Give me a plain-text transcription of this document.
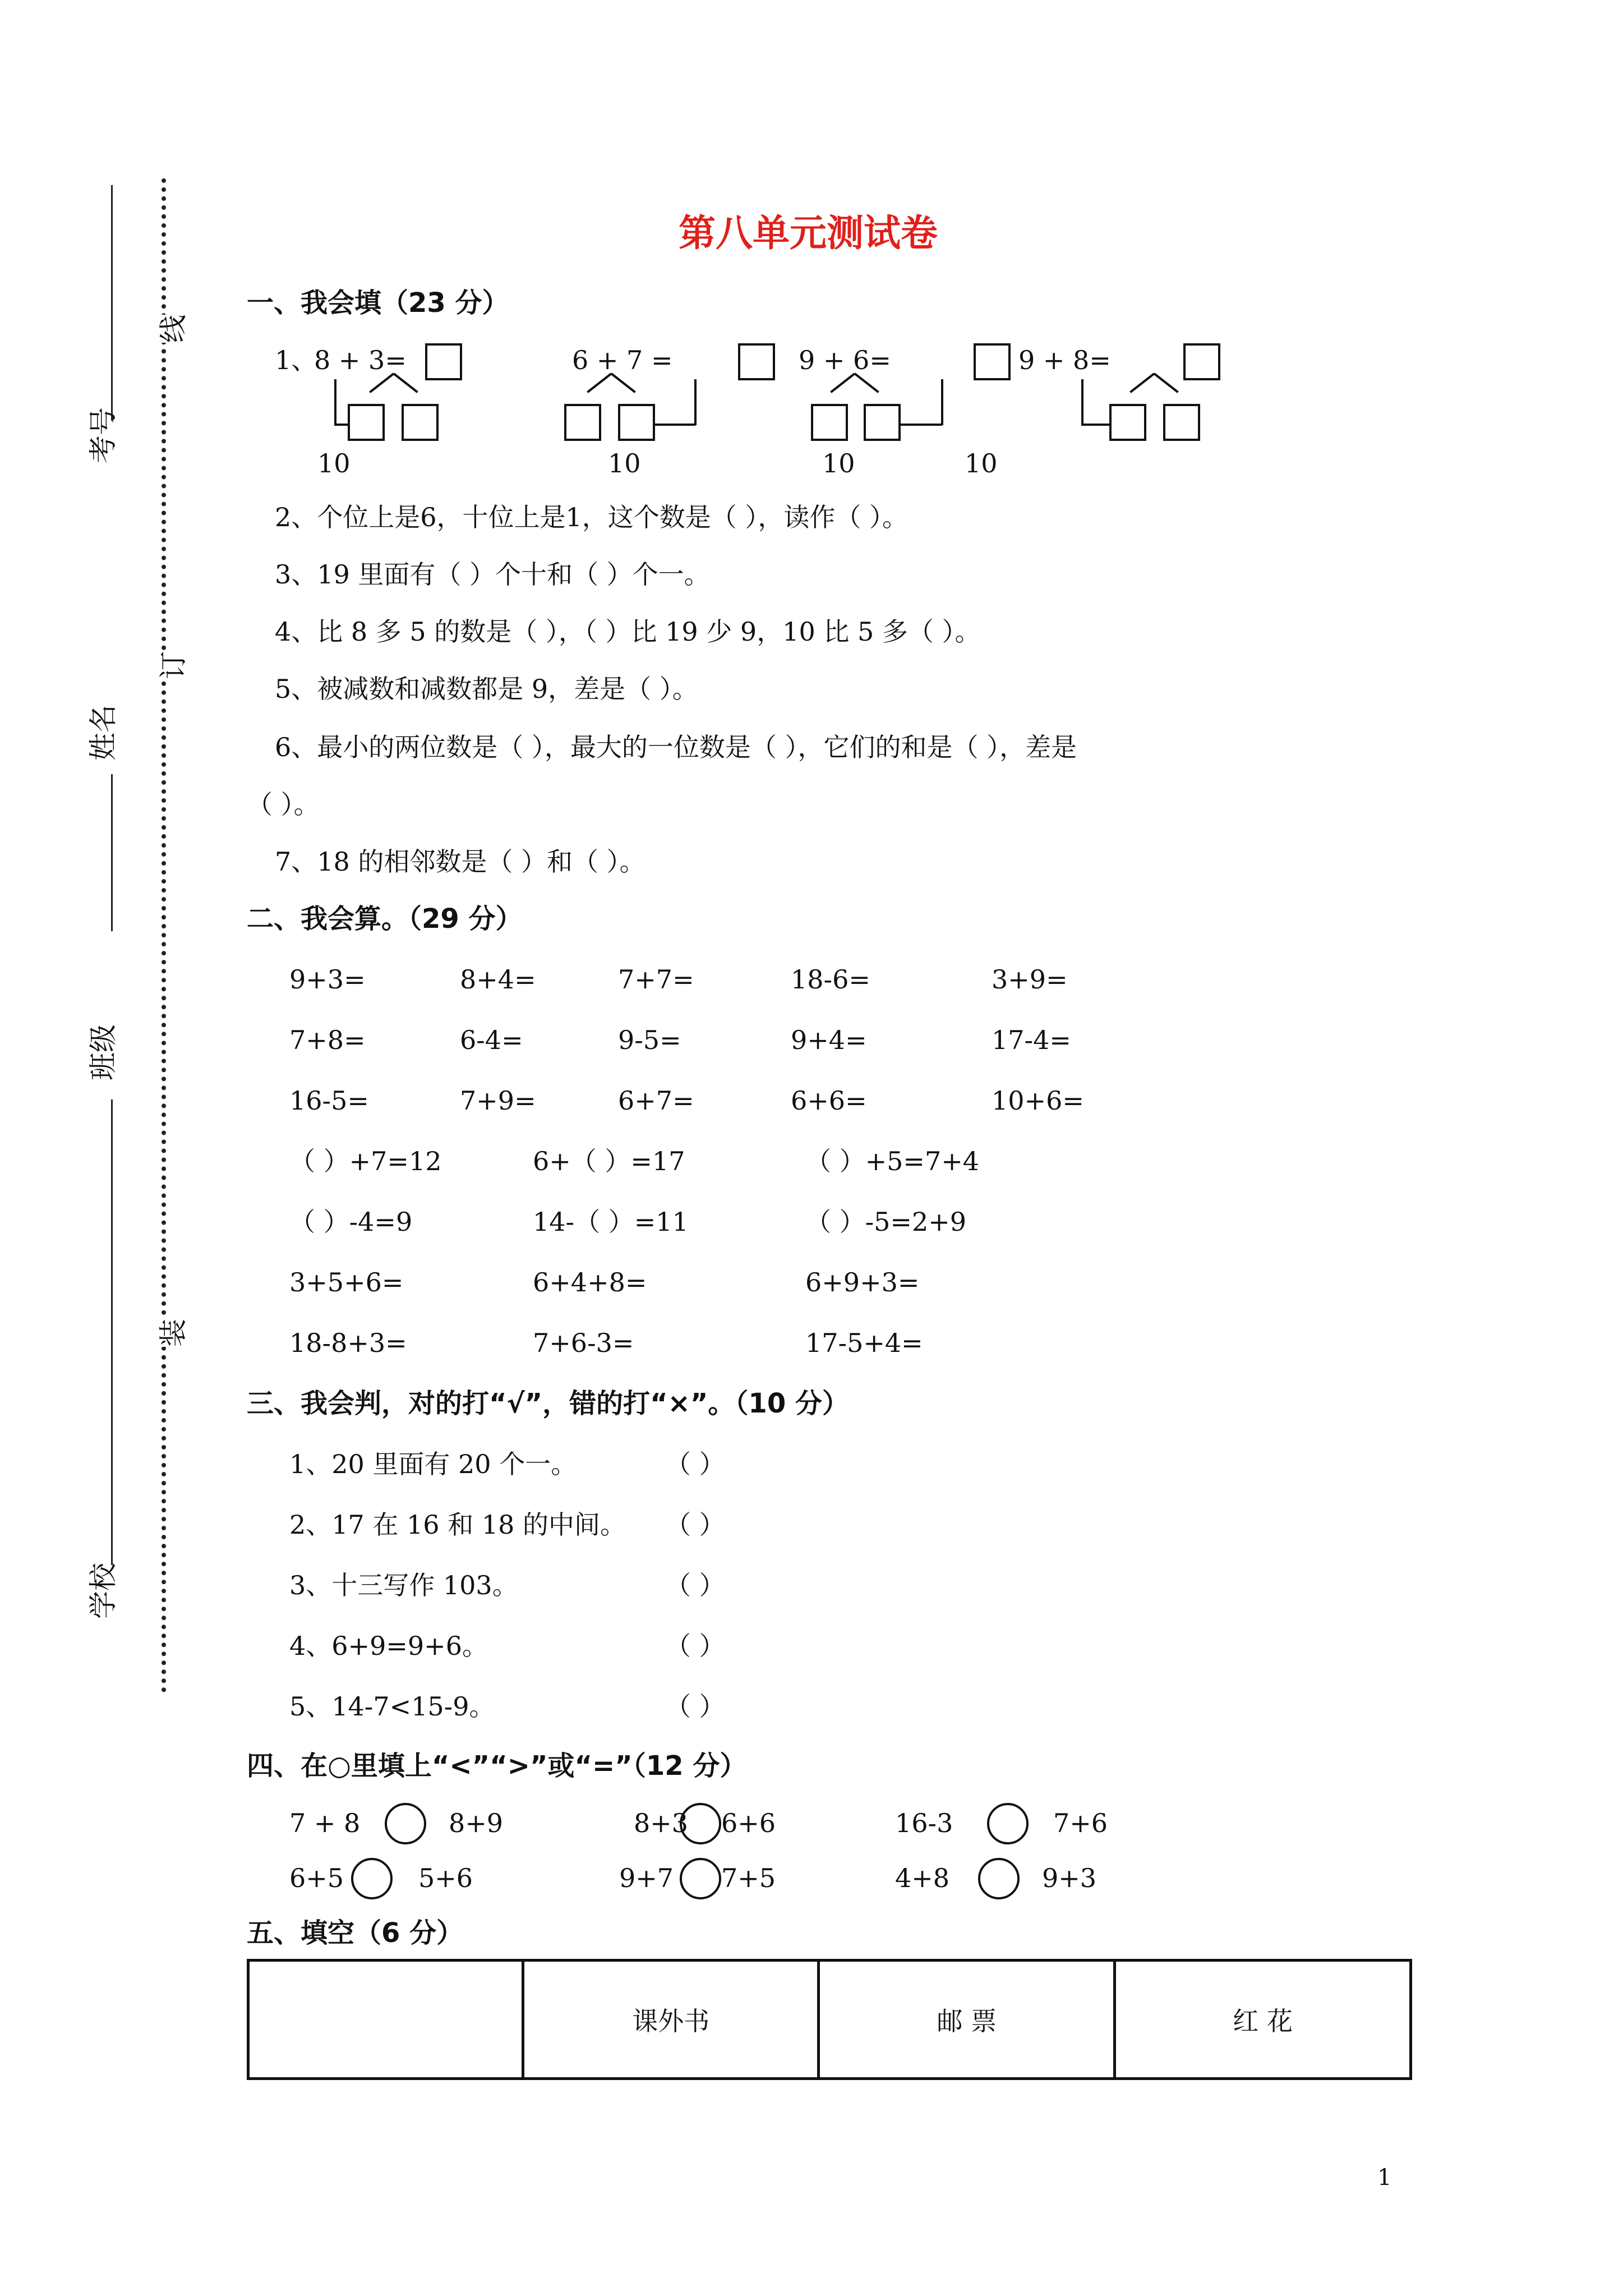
考号
姓名
班级
学校
线
订
装
第八单元测试卷
一、我会填（23 分）
1、
8 + 3=
10
6 + 7 =
10
9 + 6=
10
9 + 8=
10
2、个位上是6，十位上是1，这个数是（ ），读作（ ）。
3、19 里面有（ ）个十和（ ）个一。
4、比 8 多 5 的数是（ ），（ ）比 19 少 9，10 比 5 多（ ）。
5、被减数和减数都是 9，差是（ ）。
6、最小的两位数是（ ），最大的一位数是（ ），它们的和是（ ），差是
（ ）。
7、18 的相邻数是（ ）和（ ）。
二、我会算。（29 分）
9+3=	8+4=	7+7=	18-6=	3+9=
7+8=	6-4=	9-5=	9+4=	17-4=
16-5=	7+9=	6+7=	6+6=	10+6=
（ ）+7=12	6+（ ）=17	（ ）+5=7+4
（ ）-4=9	14-（ ）=11	（ ）-5=2+9
3+5+6=	6+4+8=	6+9+3=
18-8+3=	7+6-3=	17-5+4=
三、我会判，对的打“√”，错的打“×”。（10 分）
1、20 里面有 20 个一。	（ ）
2、17 在 16 和 18 的中间。 （ ）
3、十三写作 103。	（ ）
4、6+9=9+6。	（ ）
5、14-7<15-9。	（ ）
四、在○里填上“<”“>”或“=”（12 分）
7 + 8	8+9	8+3 6+6	16-3	7+6
6+5	5+6	9+7 7+5	4+8	9+3
五、填空（6 分）
	课外书	邮 票	红 花
1
